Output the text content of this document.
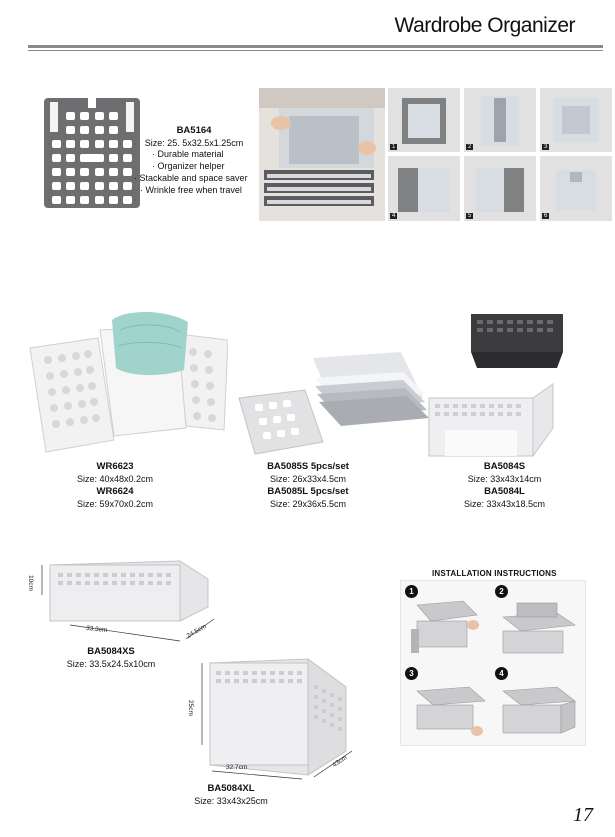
Wardrobe Organizer
BA5164
Size: 25. 5x32.5x1.25cm
· Durable material
· Organizer helper
· Stackable and space saver
· Wrinkle free when travel
1	2	3
4	5	6
WR6623
Size: 40x48x0.2cm
WR6624
Size: 59x70x0.2cm
BA5085S 5pcs/set
Size: 26x33x4.5cm
BA5085L 5pcs/set
Size: 29x36x5.5cm
BA5084S
Size: 33x43x14cm
BA5084L
Size: 33x43x18.5cm
10cm
33.3cm	24.5cm
BA5084XS
Size: 33.5x24.5x10cm
25cm
32.7cm	43cm
BA5084XL
Size: 33x43x25cm
INSTALLATION INSTRUCTIONS
1	2
3	4
17
